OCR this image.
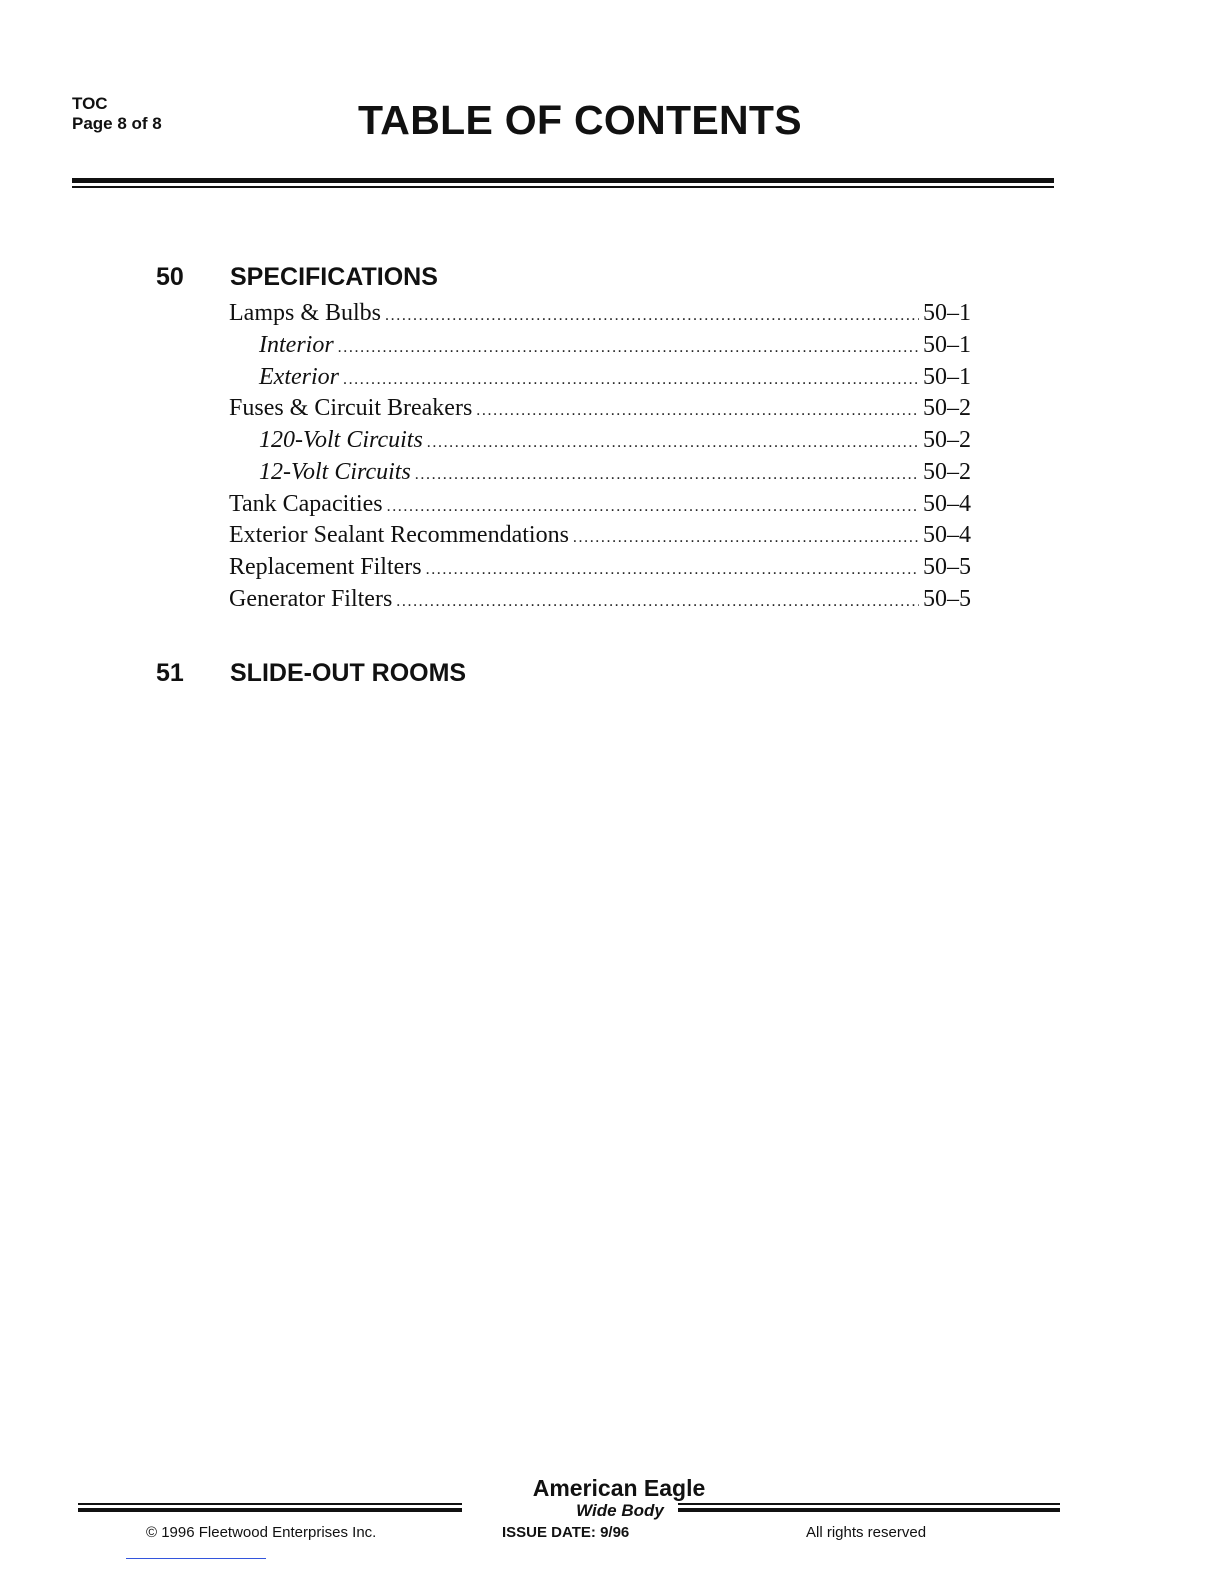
TOC
Page 8 of 8	TABLE OF CONTENTS
50 SPECIFICATIONS
Lamps & Bulbs .....	50–1
Interior .....	50–1
Exterior .....	50–1
Fuses & Circuit Breakers .....	50–2
120-Volt Circuits .....	50–2
12-Volt Circuits .....	50–2
Tank Capacities .....	50–4
Exterior Sealant Recommendations .....	50–4
Replacement Filters .....	50–5
Generator Filters .....	50–5
51 SLIDE-OUT ROOMS
American Eagle
Wide Body
© 1996 Fleetwood Enterprises Inc.	ISSUE DATE: 9/96	All rights reserved
